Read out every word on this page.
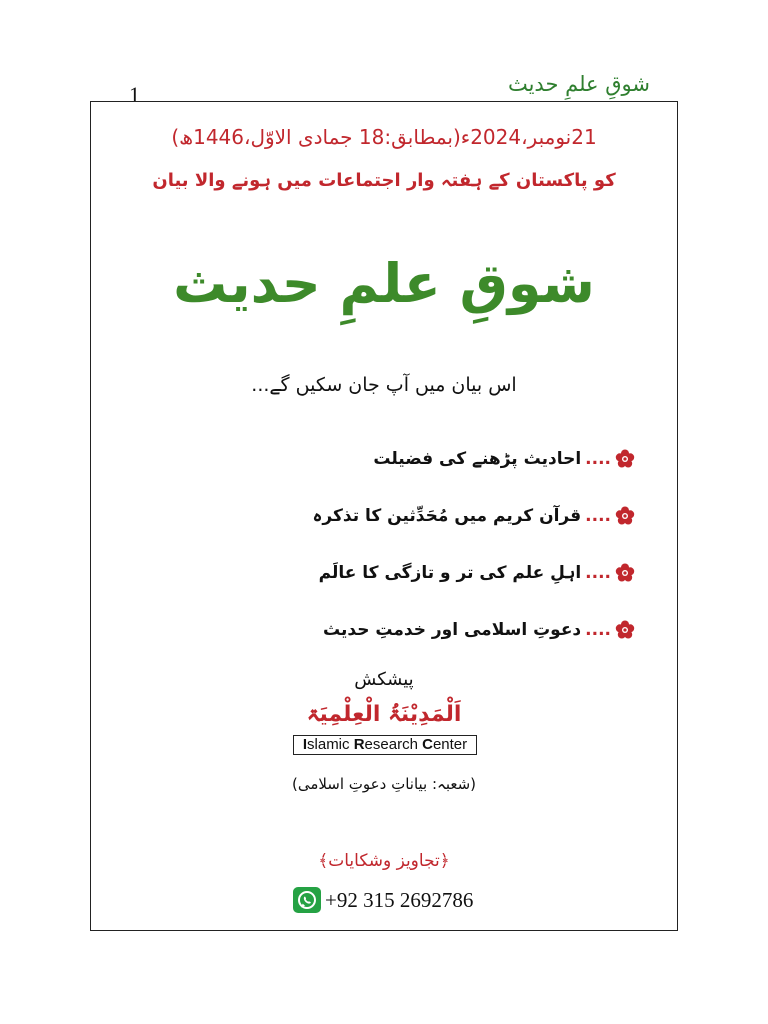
شوقِ علمِ حدیث
1
21نومبر،2024ء(بمطابق:18 جمادی الاوّل،1446ھ)
کو پاکستان کے ہفتہ وار اجتماعات میں ہونے والا بیان
شوقِ علمِ حدیث
اس بیان میں آپ جان سکیں گے...
....
احادیث پڑھنے کی فضیلت
....
قرآن کریم میں مُحَدِّثین کا تذکرہ
....
اہلِ علم کی تر و تازگی کا عالَم
....
دعوتِ اسلامی اور خدمتِ حدیث
پیشکش
اَلْمَدِیْنَۃُ الْعِلْمِیَۃ
Islamic Research Center
(شعبہ: بیاناتِ دعوتِ اسلامی)
﴿تجاویز وشکایات﴾
+92 315 2692786
